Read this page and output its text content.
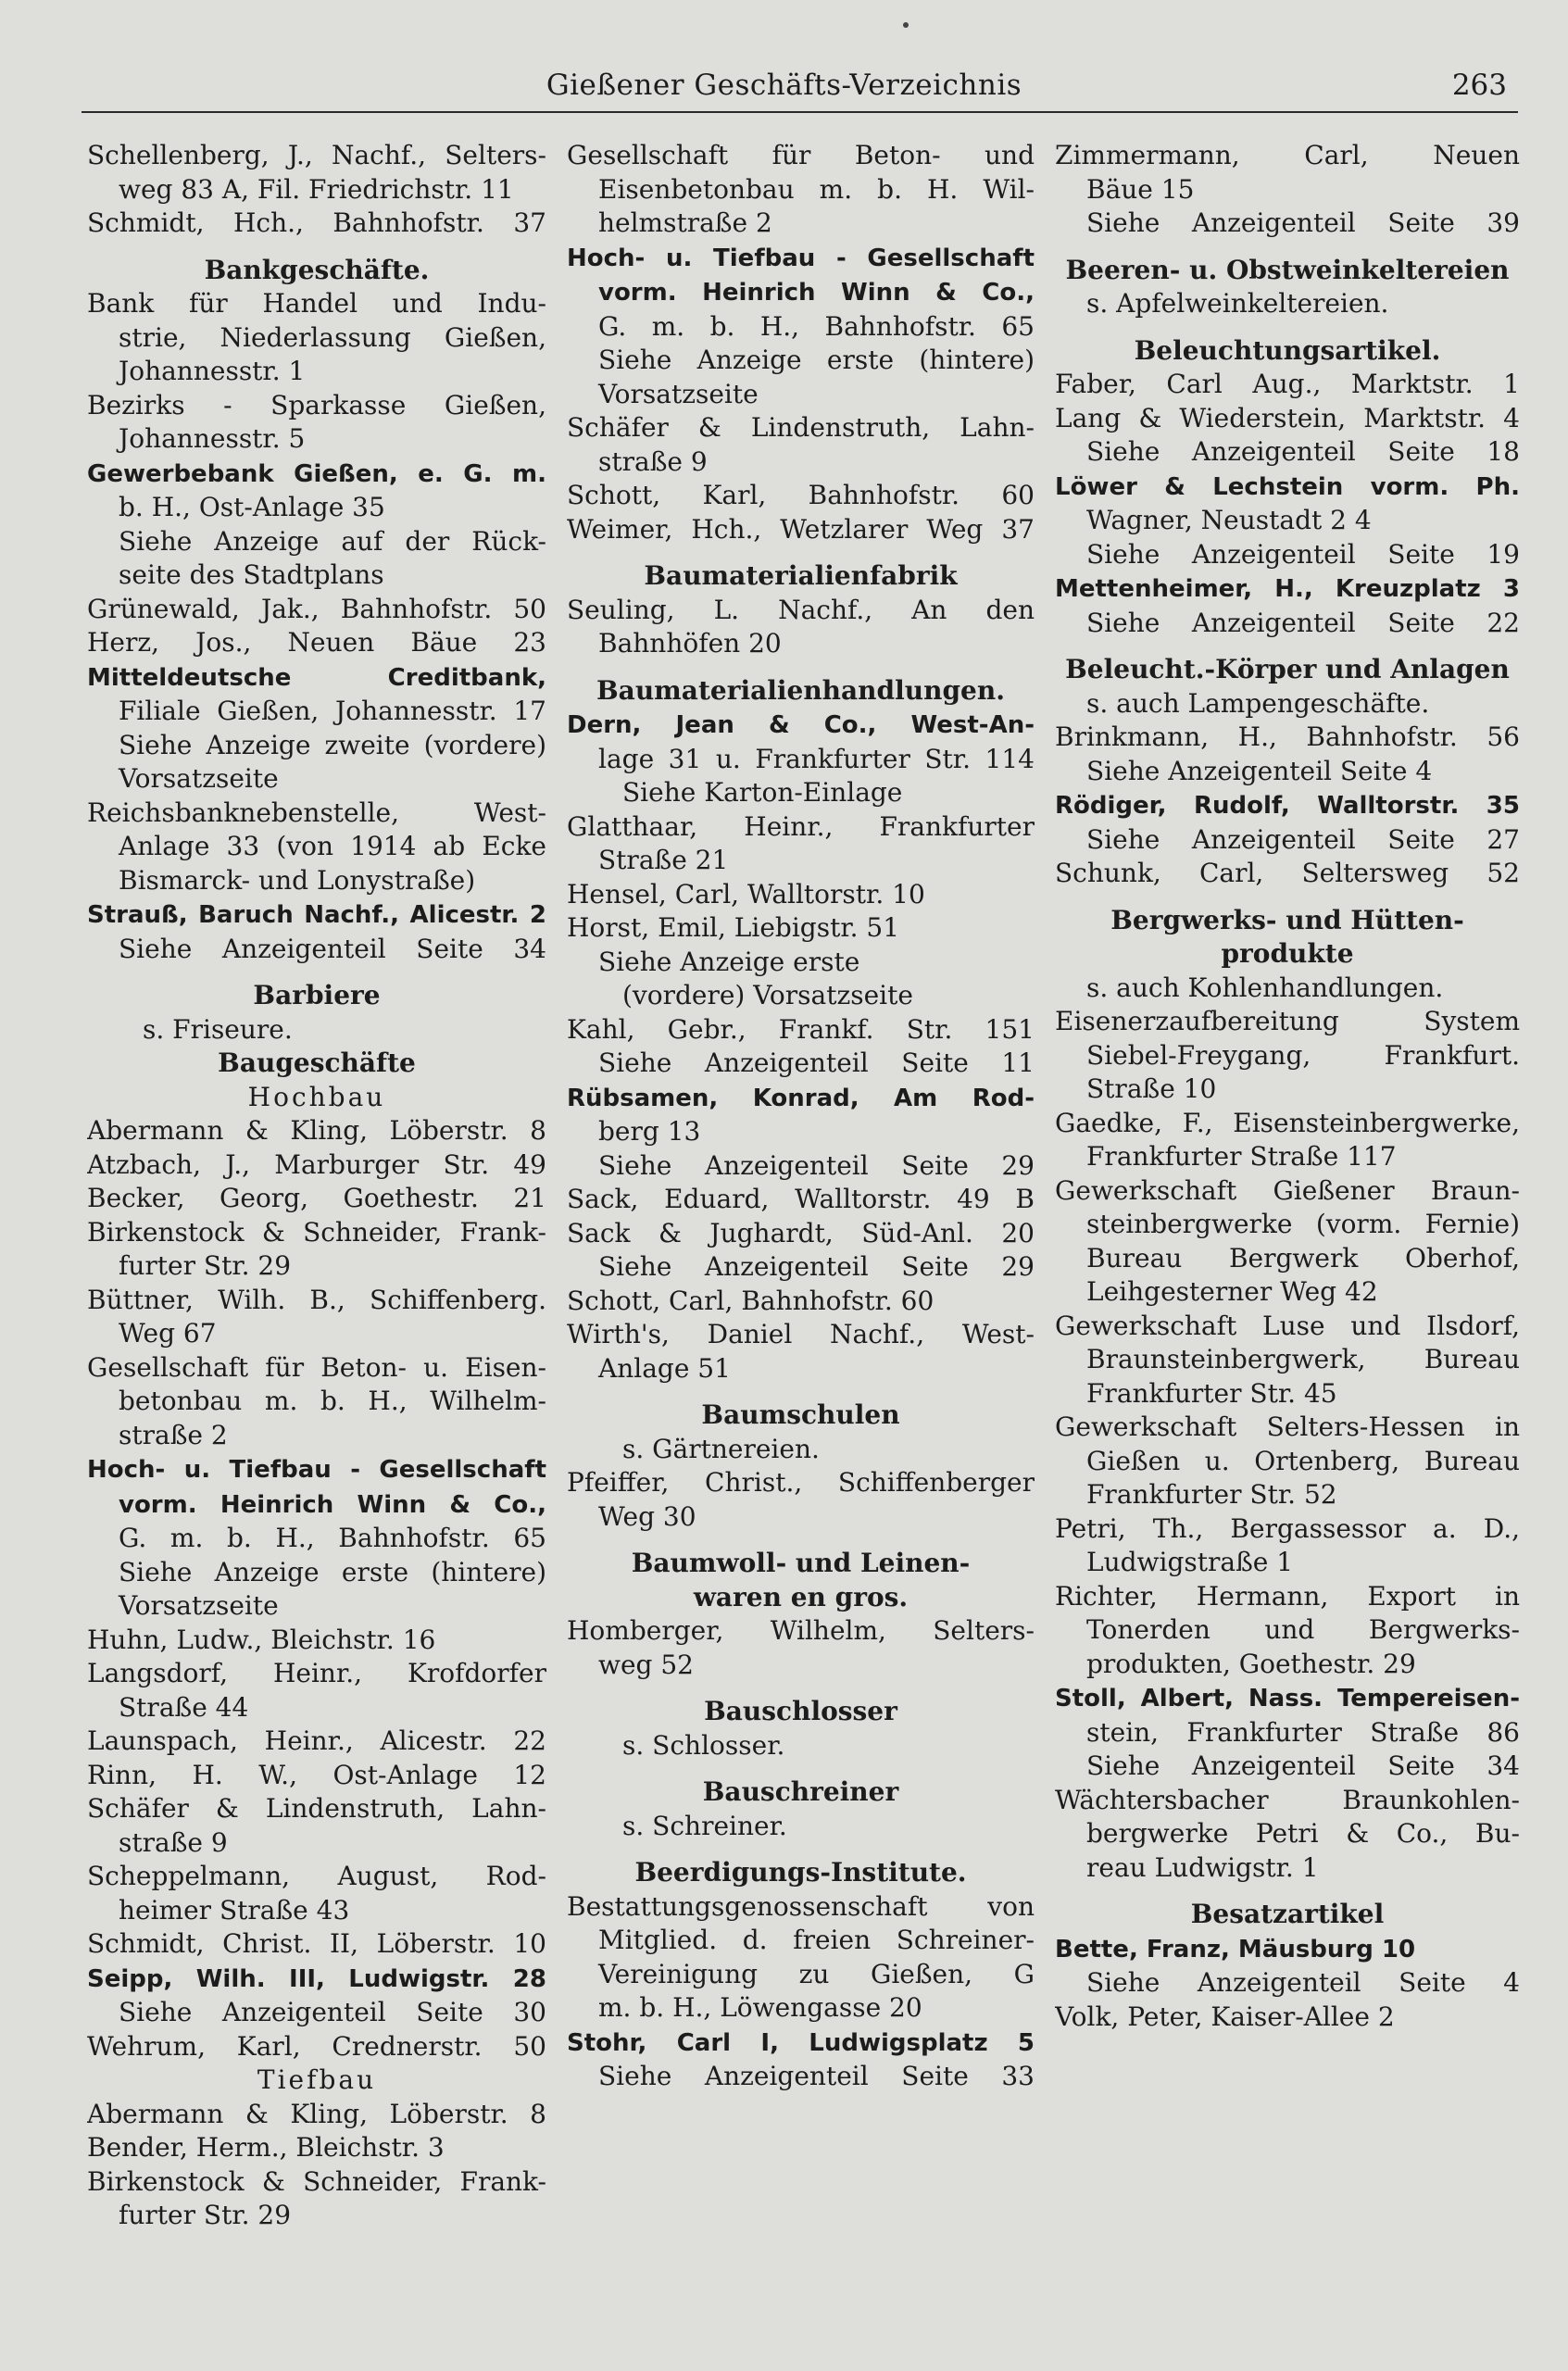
Gießener Geschäfts-Verzeichnis	263
Schellenberg, J., Nachf., Selters-
weg 83 A, Fil. Friedrichstr. 11
Schmidt, Hch., Bahnhofstr. 37
Bankgeschäfte.
Bank für Handel und Indu-
strie, Niederlassung Gießen,
Johannesstr. 1
Bezirks - Sparkasse Gießen,
Johannesstr. 5
Gewerbebank Gießen, e. G. m.
b. H., Ost-Anlage 35
Siehe Anzeige auf der Rück-
seite des Stadtplans
Grünewald, Jak., Bahnhofstr. 50
Herz, Jos., Neuen Bäue 23
Mitteldeutsche Creditbank,
Filiale Gießen, Johannesstr. 17
Siehe Anzeige zweite (vordere)
Vorsatzseite
Reichsbanknebenstelle, West-
Anlage 33 (von 1914 ab Ecke
Bismarck- und Lonystraße)
Strauß, Baruch Nachf., Alicestr. 2
Siehe Anzeigenteil Seite 34
Barbiere
s. Friseure.
Baugeschäfte
Hochbau
Abermann & Kling, Löberstr. 8
Atzbach, J., Marburger Str. 49
Becker, Georg, Goethestr. 21
Birkenstock & Schneider, Frank-
furter Str. 29
Büttner, Wilh. B., Schiffenberg.
Weg 67
Gesellschaft für Beton- u. Eisen-
betonbau m. b. H., Wilhelm-
straße 2
Hoch- u. Tiefbau - Gesellschaft
vorm. Heinrich Winn & Co.,
G. m. b. H., Bahnhofstr. 65
Siehe Anzeige erste (hintere)
Vorsatzseite
Huhn, Ludw., Bleichstr. 16
Langsdorf, Heinr., Krofdorfer
Straße 44
Launspach, Heinr., Alicestr. 22
Rinn, H. W., Ost-Anlage 12
Schäfer & Lindenstruth, Lahn-
straße 9
Scheppelmann, August, Rod-
heimer Straße 43
Schmidt, Christ. II, Löberstr. 10
Seipp, Wilh. III, Ludwigstr. 28
Siehe Anzeigenteil Seite 30
Wehrum, Karl, Crednerstr. 50
Tiefbau
Abermann & Kling, Löberstr. 8
Bender, Herm., Bleichstr. 3
Birkenstock & Schneider, Frank-
furter Str. 29
Gesellschaft für Beton- und
Eisenbetonbau m. b. H. Wil-
helmstraße 2
Hoch- u. Tiefbau - Gesellschaft
vorm. Heinrich Winn & Co.,
G. m. b. H., Bahnhofstr. 65
Siehe Anzeige erste (hintere)
Vorsatzseite
Schäfer & Lindenstruth, Lahn-
straße 9
Schott, Karl, Bahnhofstr. 60
Weimer, Hch., Wetzlarer Weg 37
Baumaterialienfabrik
Seuling, L. Nachf., An den
Bahnhöfen 20
Baumaterialienhandlungen.
Dern, Jean & Co., West-An-
lage 31 u. Frankfurter Str. 114
Siehe Karton-Einlage
Glatthaar, Heinr., Frankfurter
Straße 21
Hensel, Carl, Walltorstr. 10
Horst, Emil, Liebigstr. 51
Siehe Anzeige erste
(vordere) Vorsatzseite
Kahl, Gebr., Frankf. Str. 151
Siehe Anzeigenteil Seite 11
Rübsamen, Konrad, Am Rod-
berg 13
Siehe Anzeigenteil Seite 29
Sack, Eduard, Walltorstr. 49 B
Sack & Jughardt, Süd-Anl. 20
Siehe Anzeigenteil Seite 29
Schott, Carl, Bahnhofstr. 60
Wirth's, Daniel Nachf., West-
Anlage 51
Baumschulen
s. Gärtnereien.
Pfeiffer, Christ., Schiffenberger
Weg 30
Baumwoll- und Leinen-
waren en gros.
Homberger, Wilhelm, Selters-
weg 52
Bauschlosser
s. Schlosser.
Bauschreiner
s. Schreiner.
Beerdigungs-Institute.
Bestattungsgenossenschaft von
Mitglied. d. freien Schreiner-
Vereinigung zu Gießen, G
m. b. H., Löwengasse 20
Stohr, Carl I, Ludwigsplatz 5
Siehe Anzeigenteil Seite 33
Zimmermann, Carl, Neuen
Bäue 15
Siehe Anzeigenteil Seite 39
Beeren- u. Obstweinkeltereien
s. Apfelweinkeltereien.
Beleuchtungsartikel.
Faber, Carl Aug., Marktstr. 1
Lang & Wiederstein, Marktstr. 4
Siehe Anzeigenteil Seite 18
Löwer & Lechstein vorm. Ph.
Wagner, Neustadt 2 4
Siehe Anzeigenteil Seite 19
Mettenheimer, H., Kreuzplatz 3
Siehe Anzeigenteil Seite 22
Beleucht.-Körper und Anlagen
s. auch Lampengeschäfte.
Brinkmann, H., Bahnhofstr. 56
Siehe Anzeigenteil Seite 4
Rödiger, Rudolf, Walltorstr. 35
Siehe Anzeigenteil Seite 27
Schunk, Carl, Seltersweg 52
Bergwerks- und Hütten-
produkte
s. auch Kohlenhandlungen.
Eisenerzaufbereitung System
Siebel-Freygang, Frankfurt.
Straße 10
Gaedke, F., Eisensteinbergwerke,
Frankfurter Straße 117
Gewerkschaft Gießener Braun-
steinbergwerke (vorm. Fernie)
Bureau Bergwerk Oberhof,
Leihgesterner Weg 42
Gewerkschaft Luse und Ilsdorf,
Braunsteinbergwerk, Bureau
Frankfurter Str. 45
Gewerkschaft Selters-Hessen in
Gießen u. Ortenberg, Bureau
Frankfurter Str. 52
Petri, Th., Bergassessor a. D.,
Ludwigstraße 1
Richter, Hermann, Export in
Tonerden und Bergwerks-
produkten, Goethestr. 29
Stoll, Albert, Nass. Tempereisen-
stein, Frankfurter Straße 86
Siehe Anzeigenteil Seite 34
Wächtersbacher Braunkohlen-
bergwerke Petri & Co., Bu-
reau Ludwigstr. 1
Besatzartikel
Bette, Franz, Mäusburg 10
Siehe Anzeigenteil Seite 4
Volk, Peter, Kaiser-Allee 2
